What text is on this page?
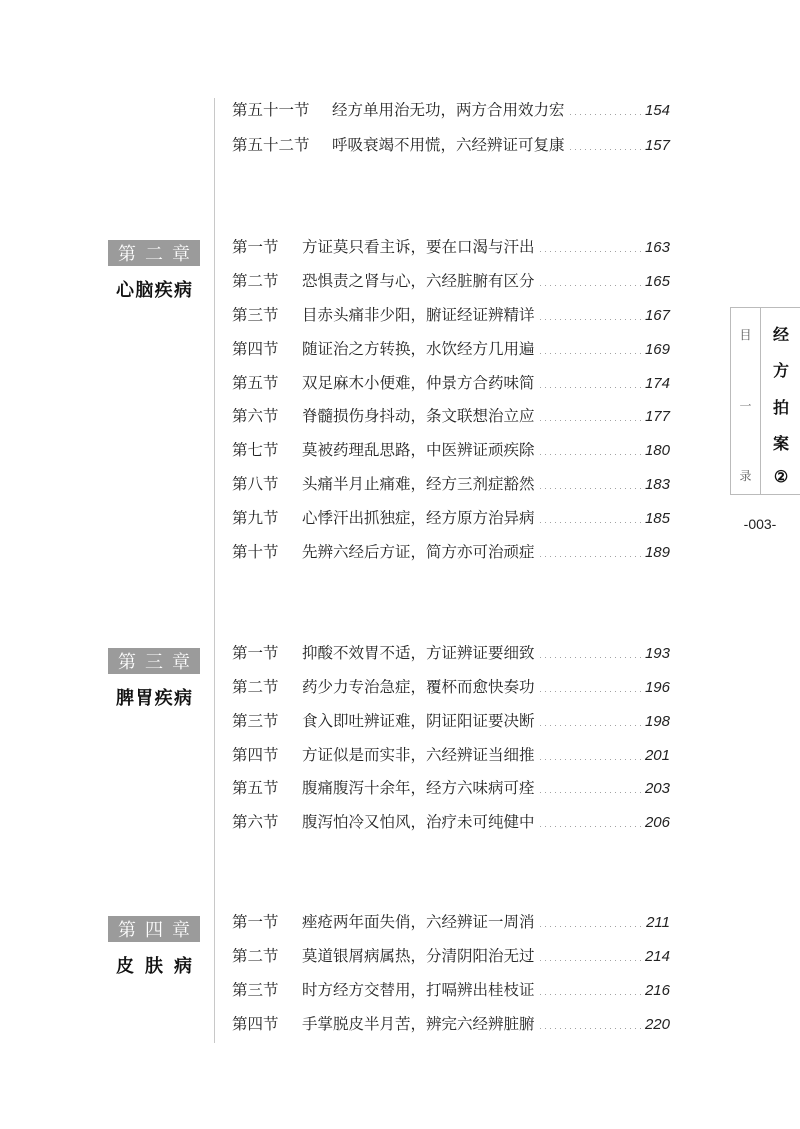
第五十一节	经方单用治无功，两方合用效力宏	154
第五十二节	呼吸衰竭不用慌，六经辨证可复康	157
第 二 章
心 脑 疾 病
第一节	方证莫只看主诉，要在口渴与汗出	163
第二节	恐惧责之肾与心，六经脏腑有区分	165
第三节	目赤头痛非少阳，腑证经证辨精详	167
第四节	随证治之方转换，水饮经方几用遍	169
第五节	双足麻木小便难，仲景方合药味简	174
第六节	脊髓损伤身抖动，条文联想治立应	177
第七节	莫被药理乱思路，中医辨证顽疾除	180
第八节	头痛半月止痛难，经方三剂症豁然	183
第九节	心悸汗出抓独症，经方原方治异病	185
第十节	先辨六经后方证，简方亦可治顽症	189
第 三 章
脾 胃 疾 病
第一节	抑酸不效胃不适，方证辨证要细致	193
第二节	药少力专治急症，覆杯而愈快奏功	196
第三节	食入即吐辨证难，阴证阳证要决断	198
第四节	方证似是而实非，六经辨证当细推	201
第五节	腹痛腹泻十余年，经方六味病可痊	203
第六节	腹泻怕冷又怕风，治疗未可纯健中	206
第 四 章
皮 肤 病
第一节	痤疮两年面失俏，六经辨证一周消	211
第二节	莫道银屑病属热，分清阴阳治无过	214
第三节	时方经方交替用，打嗝辨出桂枝证	216
第四节	手掌脱皮半月苦，辨完六经辨脏腑	220
目
一
录
经
方
拍
案
②
-003-
